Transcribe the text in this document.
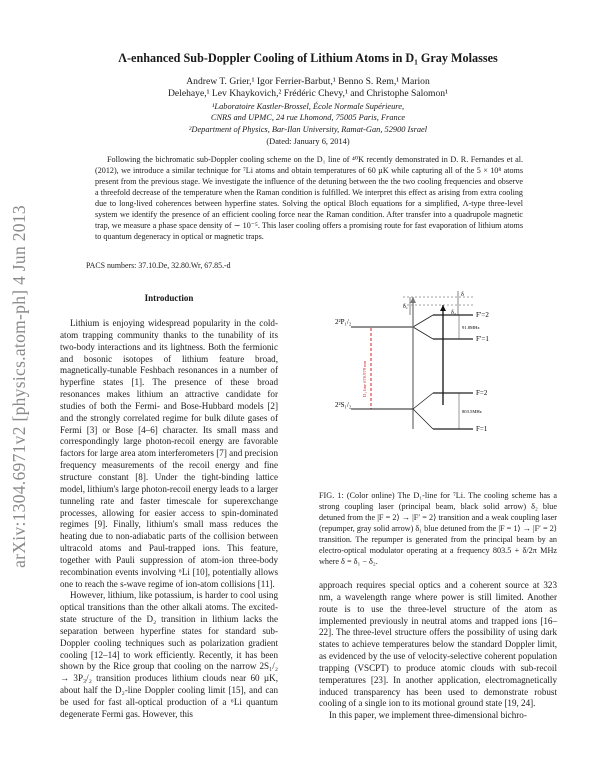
arXiv:1304.6971v2 [physics.atom-ph] 4 Jun 2013
Λ-enhanced Sub-Doppler Cooling of Lithium Atoms in D₁ Gray Molasses
Andrew T. Grier,¹ Igor Ferrier-Barbut,¹ Benno S. Rem,¹ Marion
Delehaye,¹ Lev Khaykovich,² Frédéric Chevy,¹ and Christophe Salomon¹
¹Laboratoire Kastler-Brossel, École Normale Supérieure,
CNRS and UPMC, 24 rue Lhomond, 75005 Paris, France
²Department of Physics, Bar-Ilan University, Ramat-Gan, 52900 Israel
(Dated: January 6, 2014)
Following the bichromatic sub-Doppler cooling scheme on the D₁ line of ⁴⁰K recently demonstrated in D. R. Fernandes et al. (2012), we introduce a similar technique for ⁷Li atoms and obtain temperatures of 60 µK while capturing all of the 5 × 10⁸ atoms present from the previous stage. We investigate the influence of the detuning between the the two cooling frequencies and observe a threefold decrease of the temperature when the Raman condition is fulfilled. We interpret this effect as arising from extra cooling due to long-lived coherences between hyperfine states. Solving the optical Bloch equations for a simplified, Λ-type three-level system we identify the presence of an efficient cooling force near the Raman condition. After transfer into a quadrupole magnetic trap, we measure a phase space density of ∼ 10⁻⁵. This laser cooling offers a promising route for fast evaporation of lithium atoms to quantum degeneracy in optical or magnetic traps.
PACS numbers: 37.10.De, 32.80.Wr, 67.85.-d
Introduction

Lithium is enjoying widespread popularity in the cold-atom trapping community thanks to the tunability of its two-body interactions and its lightness. Both the fermionic and bosonic isotopes of lithium feature broad, magnetically-tunable Feshbach resonances in a number of hyperfine states [1]. The presence of these broad resonances makes lithium an attractive candidate for studies of both the Fermi- and Bose-Hubbard models [2] and the strongly correlated regime for bulk dilute gases of Fermi [3] or Bose [4–6] character. Its small mass and correspondingly large photon-recoil energy are favorable factors for large area atom interferometers [7] and precision frequency measurements of the recoil energy and fine structure constant [8]. Under the tight-binding lattice model, lithium's large photon-recoil energy leads to a larger tunneling rate and faster timescale for superexchange processes, allowing for easier access to spin-dominated regimes [9]. Finally, lithium's small mass reduces the heating due to non-adiabatic parts of the collision between ultracold atoms and Paul-trapped ions. This feature, together with Pauli suppression of atom-ion three-body recombination events involving ⁶Li [10], potentially allows one to reach the s-wave regime of ion-atom collisions [11].

However, lithium, like potassium, is harder to cool using optical transitions than the other alkali atoms. The excited-state structure of the D₂ transition in lithium lacks the separation between hyperfine states for standard sub-Doppler cooling techniques such as polarization gradient cooling [12–14] to work efficiently. Recently, it has been shown by the Rice group that cooling on the narrow 2S₁/₂ → 3P₃/₂ transition produces lithium clouds near 60 µK, about half the D₂-line Doppler cooling limit [15], and can be used for fast all-optical production of a ⁶Li quantum degenerate Fermi gas. However, this

δ₁
δ₂
δ
2²P₁/₂
F′=2
F′=1
91.8MHz
D₁ line 670.979 nm
2²S₁/₂
F=2
F=1
803.5MHz
FIG. 1: (Color online) The D₁-line for ⁷Li. The cooling scheme has a strong coupling laser (principal beam, black solid arrow) δ₂ blue detuned from the |F = 2⟩ → |F′ = 2⟩ transition and a weak coupling laser (repumper, gray solid arrow) δ₁ blue detuned from the |F = 1⟩ → |F′ = 2⟩ transition. The repumper is generated from the principal beam by an electro-optical modulator operating at a frequency 803.5 + δ/2π MHz where δ = δ₁ − δ₂.

approach requires special optics and a coherent source at 323 nm, a wavelength range where power is still limited. Another route is to use the three-level structure of the atom as implemented previously in neutral atoms and trapped ions [16–22]. The three-level structure offers the possibility of using dark states to achieve temperatures below the standard Doppler limit, as evidenced by the use of velocity-selective coherent population trapping (VSCPT) to produce atomic clouds with sub-recoil temperatures [23]. In another application, electromagnetically induced transparency has been used to demonstrate robust cooling of a single ion to its motional ground state [19, 24].

In this paper, we implement three-dimensional bichro-
